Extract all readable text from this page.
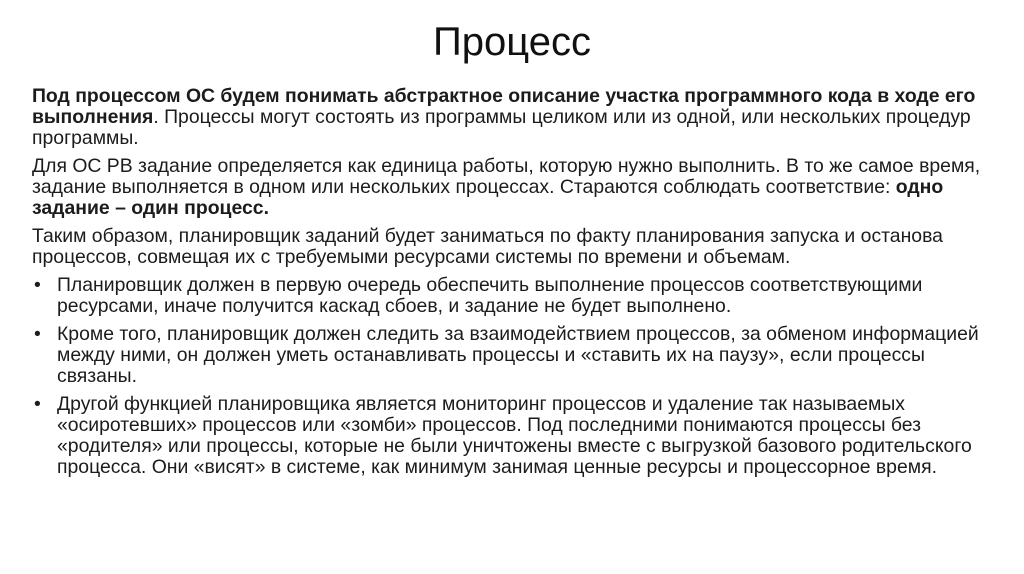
Процесс

Под процессом ОС будем понимать абстрактное описание участка программного кода в ходе его выполнения. Процессы могут состоять из программы целиком или из одной, или нескольких процедур программы.

Для ОС РВ задание определяется как единица работы, которую нужно выполнить. В то же самое время, задание выполняется в одном или нескольких процессах. Стараются соблюдать соответствие: одно задание – один процесс.

Таким образом, планировщик заданий будет заниматься по факту планирования запуска и останова процессов, совмещая их с требуемыми ресурсами системы по времени и объемам.

• Планировщик должен в первую очередь обеспечить выполнение процессов соответствующими ресурсами, иначе получится каскад сбоев, и задание не будет выполнено.
• Кроме того, планировщик должен следить за взаимодействием процессов, за обменом информацией между ними, он должен уметь останавливать процессы и «ставить их на паузу», если процессы связаны.
• Другой функцией планировщика является мониторинг процессов и удаление так называемых «осиротевших» процессов или «зомби» процессов. Под последними понимаются процессы без «родителя» или процессы, которые не были уничтожены вместе с выгрузкой базового родительского процесса. Они «висят» в системе, как минимум занимая ценные ресурсы и процессорное время.
